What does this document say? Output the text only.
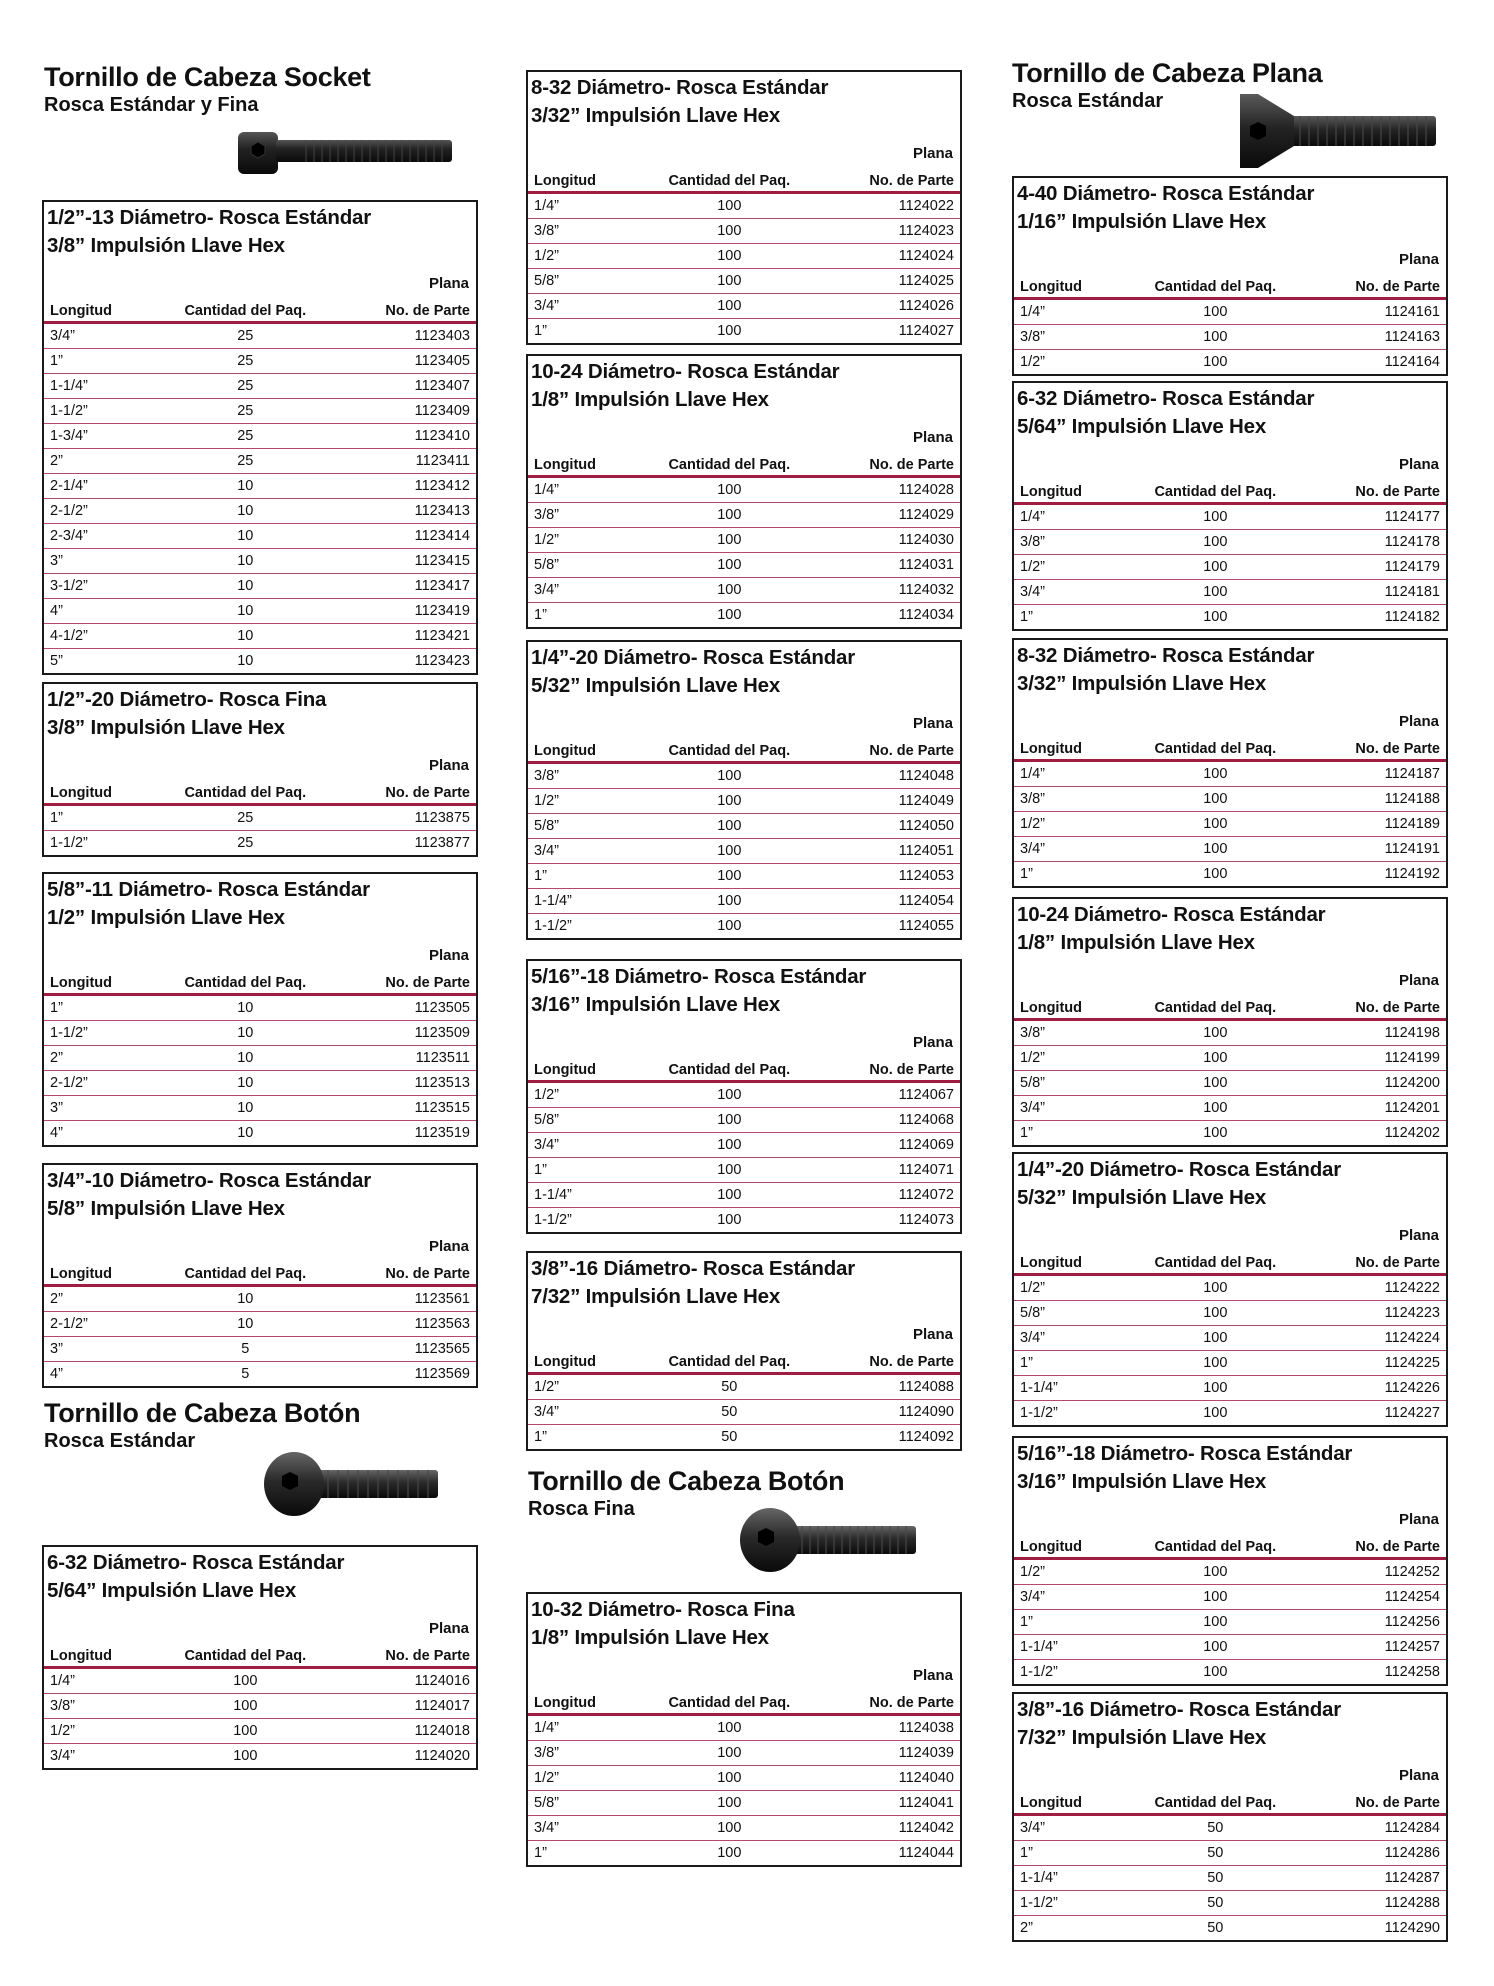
Tornillo de Cabeza Socket
Rosca Estándar y Fina
Tornillo de Cabeza Botón
Rosca Estándar
Tornillo de Cabeza Botón
Rosca Fina
Tornillo de Cabeza Plana
Rosca Estándar
1/2”-13 Diámetro- Rosca Estándar
3/8” Impulsión Llave Hex
Plana
Longitud	Cantidad del Paq.	No. de Parte
3/4”	25	1123403
1”	25	1123405
1-1/4”	25	1123407
1-1/2”	25	1123409
1-3/4”	25	1123410
2”	25	1123411
2-1/4”	10	1123412
2-1/2”	10	1123413
2-3/4”	10	1123414
3”	10	1123415
3-1/2”	10	1123417
4”	10	1123419
4-1/2”	10	1123421
5”	10	1123423
1/2”-20 Diámetro- Rosca Fina
3/8” Impulsión Llave Hex
Plana
Longitud	Cantidad del Paq.	No. de Parte
1”	25	1123875
1-1/2”	25	1123877
5/8”-11 Diámetro- Rosca Estándar
1/2” Impulsión Llave Hex
Plana
Longitud	Cantidad del Paq.	No. de Parte
1”	10	1123505
1-1/2”	10	1123509
2”	10	1123511
2-1/2”	10	1123513
3”	10	1123515
4”	10	1123519
3/4”-10 Diámetro- Rosca Estándar
5/8” Impulsión Llave Hex
Plana
Longitud	Cantidad del Paq.	No. de Parte
2”	10	1123561
2-1/2”	10	1123563
3”	5	1123565
4”	5	1123569
6-32 Diámetro- Rosca Estándar
5/64” Impulsión Llave Hex
Plana
Longitud	Cantidad del Paq.	No. de Parte
1/4”	100	1124016
3/8”	100	1124017
1/2”	100	1124018
3/4”	100	1124020
8-32 Diámetro- Rosca Estándar
3/32” Impulsión Llave Hex
Plana
Longitud	Cantidad del Paq.	No. de Parte
1/4”	100	1124022
3/8”	100	1124023
1/2”	100	1124024
5/8”	100	1124025
3/4”	100	1124026
1”	100	1124027
10-24 Diámetro- Rosca Estándar
1/8” Impulsión Llave Hex
Plana
Longitud	Cantidad del Paq.	No. de Parte
1/4”	100	1124028
3/8”	100	1124029
1/2”	100	1124030
5/8”	100	1124031
3/4”	100	1124032
1”	100	1124034
1/4”-20 Diámetro- Rosca Estándar
5/32” Impulsión Llave Hex
Plana
Longitud	Cantidad del Paq.	No. de Parte
3/8”	100	1124048
1/2”	100	1124049
5/8”	100	1124050
3/4”	100	1124051
1”	100	1124053
1-1/4”	100	1124054
1-1/2”	100	1124055
5/16”-18 Diámetro- Rosca Estándar
3/16” Impulsión Llave Hex
Plana
Longitud	Cantidad del Paq.	No. de Parte
1/2”	100	1124067
5/8”	100	1124068
3/4”	100	1124069
1”	100	1124071
1-1/4”	100	1124072
1-1/2”	100	1124073
3/8”-16 Diámetro- Rosca Estándar
7/32” Impulsión Llave Hex
Plana
Longitud	Cantidad del Paq.	No. de Parte
1/2”	50	1124088
3/4”	50	1124090
1”	50	1124092
10-32 Diámetro- Rosca Fina
1/8” Impulsión Llave Hex
Plana
Longitud	Cantidad del Paq.	No. de Parte
1/4”	100	1124038
3/8”	100	1124039
1/2”	100	1124040
5/8”	100	1124041
3/4”	100	1124042
1”	100	1124044
4-40 Diámetro- Rosca Estándar
1/16” Impulsión Llave Hex
Plana
Longitud	Cantidad del Paq.	No. de Parte
1/4”	100	1124161
3/8”	100	1124163
1/2”	100	1124164
6-32 Diámetro- Rosca Estándar
5/64” Impulsión Llave Hex
Plana
Longitud	Cantidad del Paq.	No. de Parte
1/4”	100	1124177
3/8”	100	1124178
1/2”	100	1124179
3/4”	100	1124181
1”	100	1124182
8-32 Diámetro- Rosca Estándar
3/32” Impulsión Llave Hex
Plana
Longitud	Cantidad del Paq.	No. de Parte
1/4”	100	1124187
3/8”	100	1124188
1/2”	100	1124189
3/4”	100	1124191
1”	100	1124192
10-24 Diámetro- Rosca Estándar
1/8” Impulsión Llave Hex
Plana
Longitud	Cantidad del Paq.	No. de Parte
3/8”	100	1124198
1/2”	100	1124199
5/8”	100	1124200
3/4”	100	1124201
1”	100	1124202
1/4”-20 Diámetro- Rosca Estándar
5/32” Impulsión Llave Hex
Plana
Longitud	Cantidad del Paq.	No. de Parte
1/2”	100	1124222
5/8”	100	1124223
3/4”	100	1124224
1”	100	1124225
1-1/4”	100	1124226
1-1/2”	100	1124227
5/16”-18 Diámetro- Rosca Estándar
3/16” Impulsión Llave Hex
Plana
Longitud	Cantidad del Paq.	No. de Parte
1/2”	100	1124252
3/4”	100	1124254
1”	100	1124256
1-1/4”	100	1124257
1-1/2”	100	1124258
3/8”-16 Diámetro- Rosca Estándar
7/32” Impulsión Llave Hex
Plana
Longitud	Cantidad del Paq.	No. de Parte
3/4”	50	1124284
1”	50	1124286
1-1/4”	50	1124287
1-1/2”	50	1124288
2”	50	1124290
